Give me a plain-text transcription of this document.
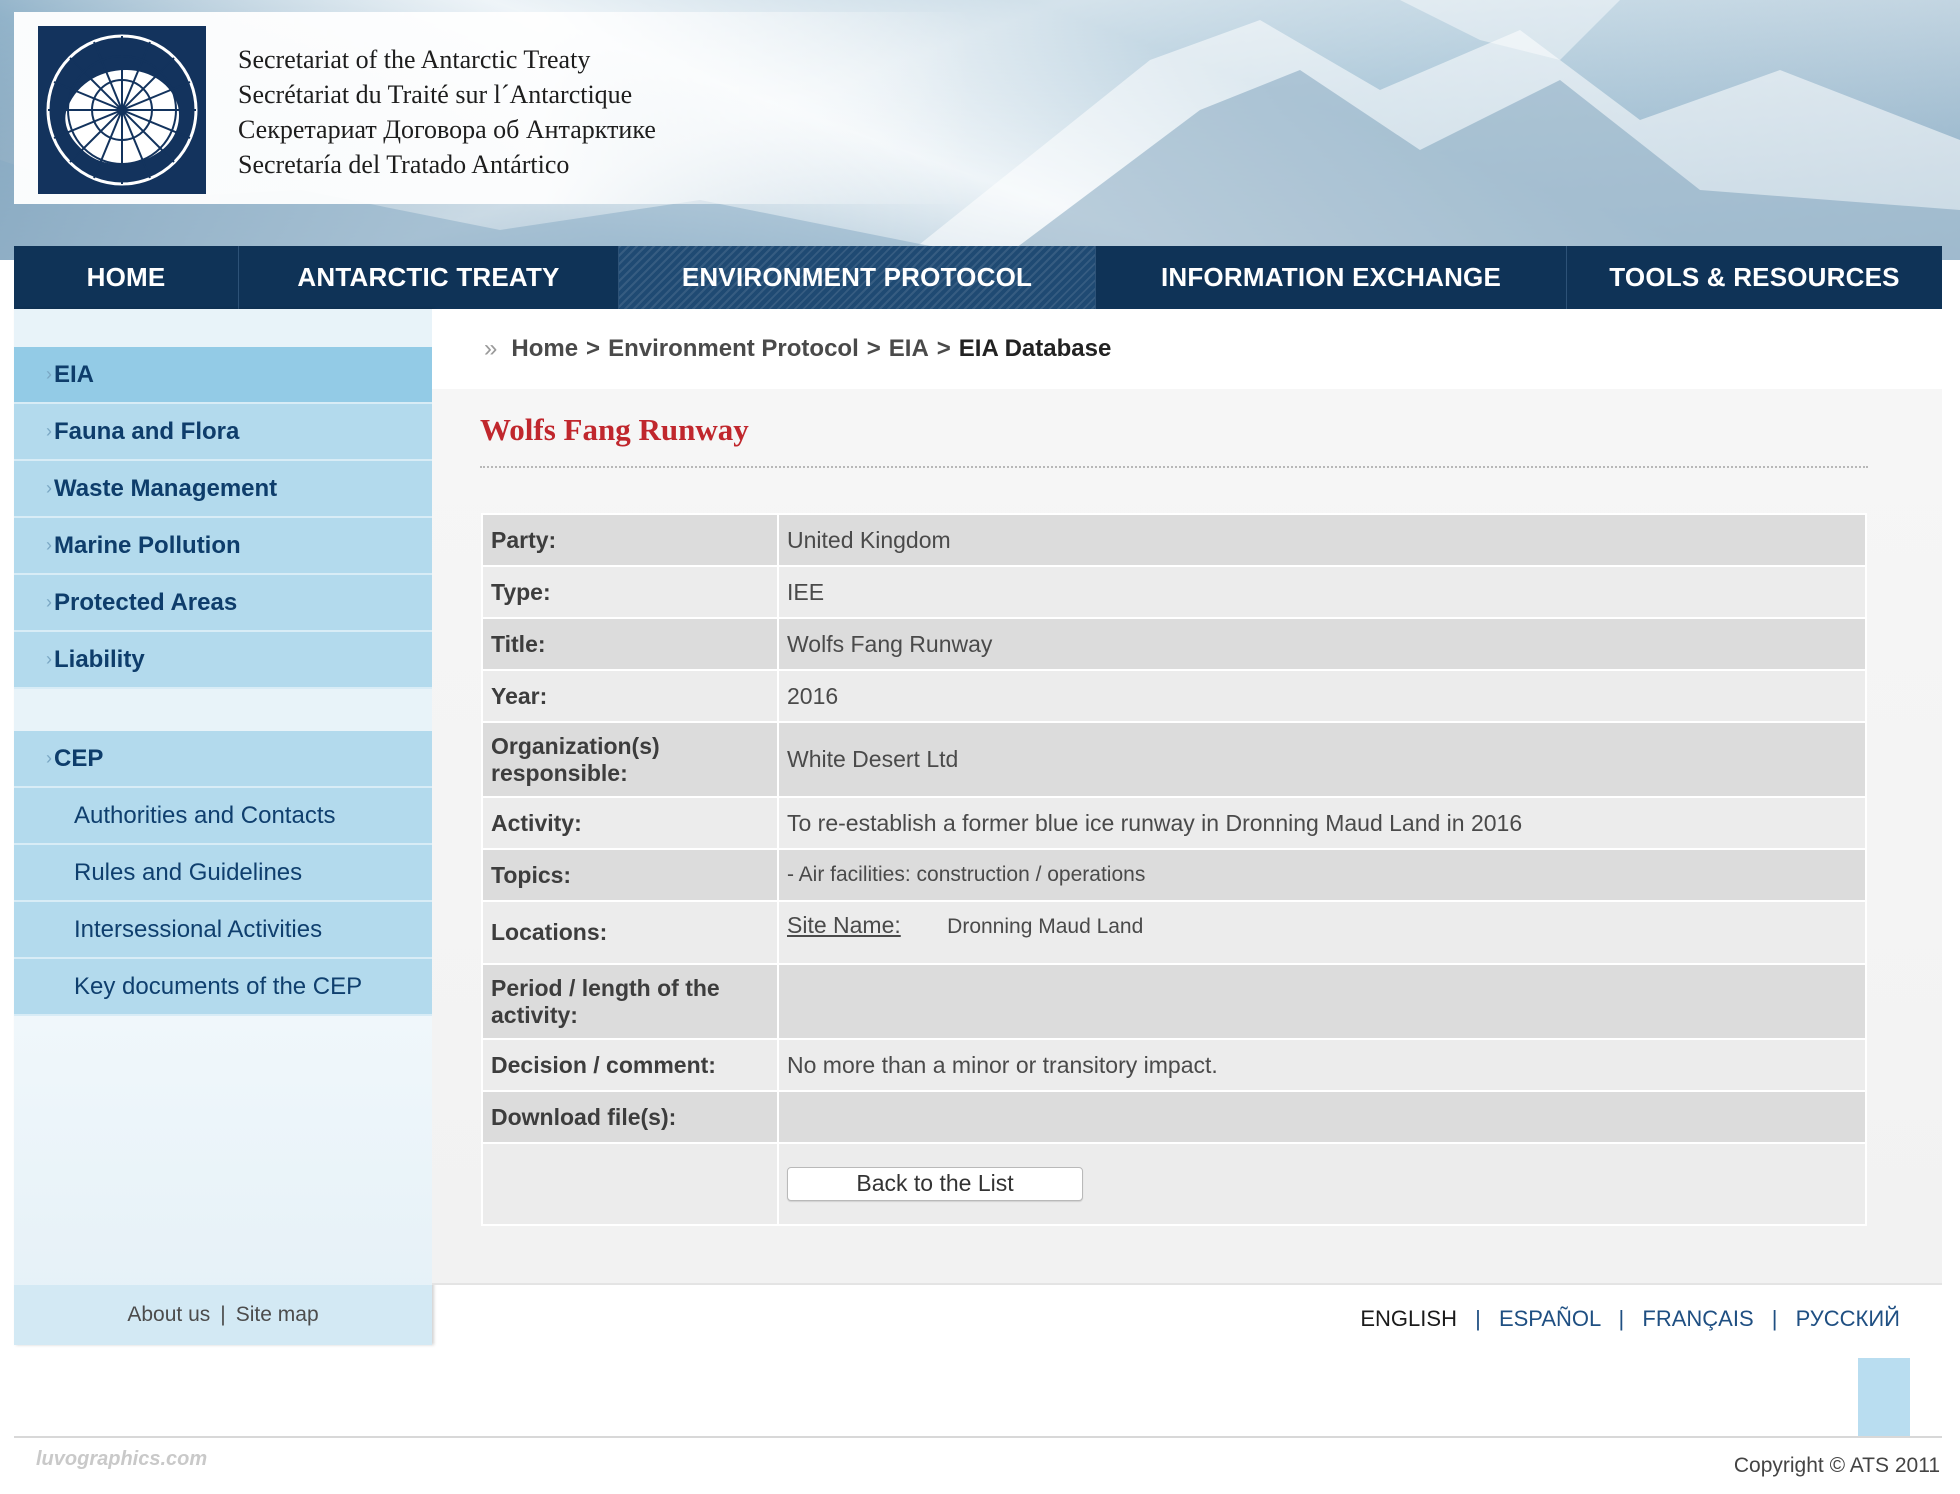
Secretariat of the Antarctic Treaty
Secrétariat du Traité sur l´Antarctique
Секретариат Договора об Антарктике
Secretaría del Tratado Antártico
HOME	ANTARCTIC TREATY	ENVIRONMENT PROTOCOL	INFORMATION EXCHANGE	TOOLS & RESOURCES
› EIA
› Fauna and Flora
› Waste Management
› Marine Pollution
› Protected Areas
› Liability
› CEP
Authorities and Contacts
Rules and Guidelines
Intersessional Activities
Key documents of the CEP
About us | Site map
» Home > Environment Protocol > EIA > EIA Database
Wolfs Fang Runway
Party:	United Kingdom
Type:	IEE
Title:	Wolfs Fang Runway
Year:	2016
Organization(s) responsible:	White Desert Ltd
Activity:	To re-establish a former blue ice runway in Dronning Maud Land in 2016
Topics:	- Air facilities: construction / operations
Locations:	Site Name: Dronning Maud Land
Period / length of the activity:	
Decision / comment:	No more than a minor or transitory impact.
Download file(s):	
	Back to the List
ENGLISH | ESPAÑOL | FRANÇAIS | РУССКИЙ
luvographics.com	Copyright © ATS 2011
